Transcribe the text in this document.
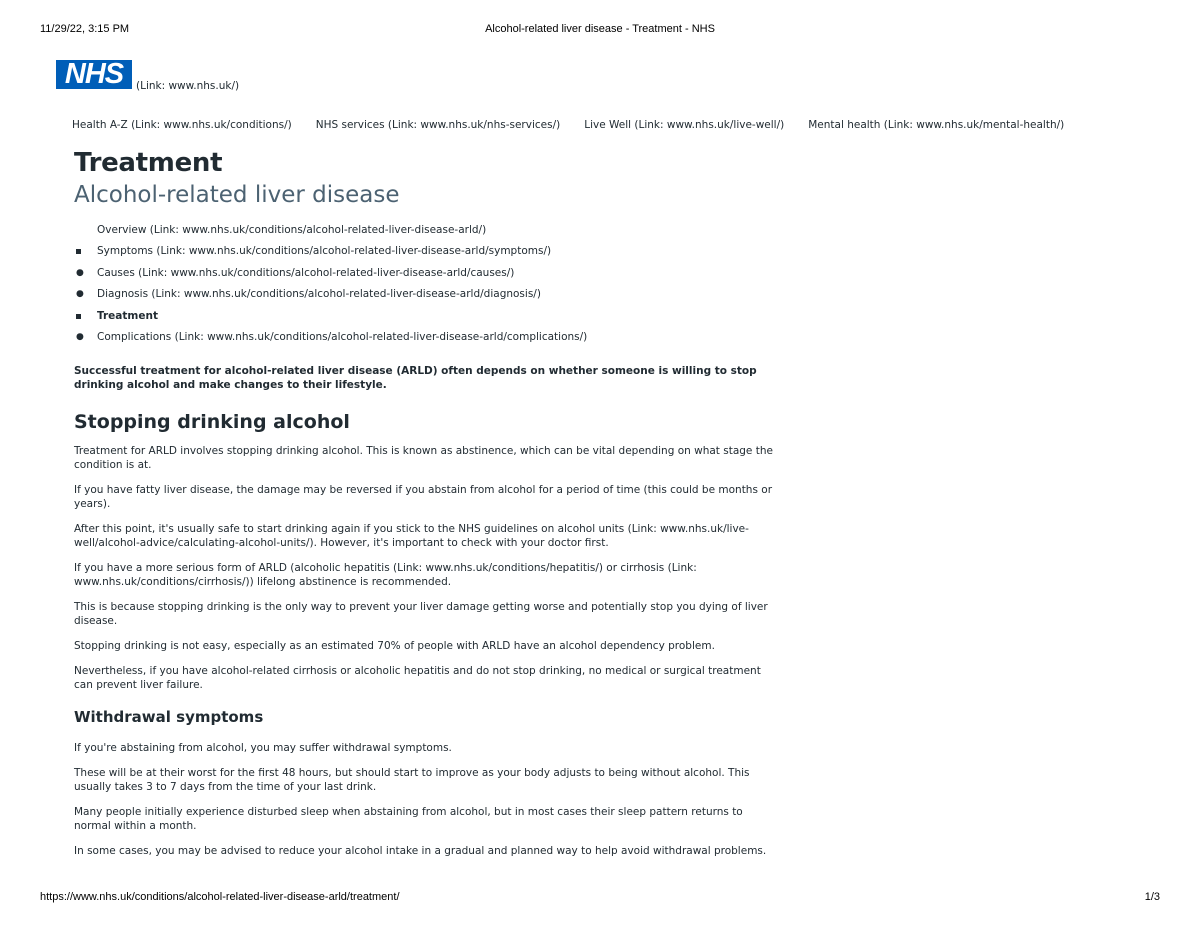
11/29/22, 3:15 PM	Alcohol-related liver disease - Treatment - NHS
NHS (Link: www.nhs.uk/)
Health A-Z (Link: www.nhs.uk/conditions/) NHS services (Link: www.nhs.uk/nhs-services/) Live Well (Link: www.nhs.uk/live-well/) Mental health (Link: www.nhs.uk/mental-health/)
Treatment
Alcohol-related liver disease
Overview (Link: www.nhs.uk/conditions/alcohol-related-liver-disease-arld/)
Symptoms (Link: www.nhs.uk/conditions/alcohol-related-liver-disease-arld/symptoms/)
● Causes (Link: www.nhs.uk/conditions/alcohol-related-liver-disease-arld/causes/)
● Diagnosis (Link: www.nhs.uk/conditions/alcohol-related-liver-disease-arld/diagnosis/)
Treatment
● Complications (Link: www.nhs.uk/conditions/alcohol-related-liver-disease-arld/complications/)

Successful treatment for alcohol-related liver disease (ARLD) often depends on whether someone is willing to stop drinking alcohol and make changes to their lifestyle.

Stopping drinking alcohol

Treatment for ARLD involves stopping drinking alcohol. This is known as abstinence, which can be vital depending on what stage the condition is at.

If you have fatty liver disease, the damage may be reversed if you abstain from alcohol for a period of time (this could be months or years).

After this point, it's usually safe to start drinking again if you stick to the NHS guidelines on alcohol units (Link: www.nhs.uk/live-well/alcohol-advice/calculating-alcohol-units/). However, it's important to check with your doctor first.

If you have a more serious form of ARLD (alcoholic hepatitis (Link: www.nhs.uk/conditions/hepatitis/) or cirrhosis (Link: www.nhs.uk/conditions/cirrhosis/)) lifelong abstinence is recommended.

This is because stopping drinking is the only way to prevent your liver damage getting worse and potentially stop you dying of liver disease.

Stopping drinking is not easy, especially as an estimated 70% of people with ARLD have an alcohol dependency problem.

Nevertheless, if you have alcohol-related cirrhosis or alcoholic hepatitis and do not stop drinking, no medical or surgical treatment can prevent liver failure.

Withdrawal symptoms

If you're abstaining from alcohol, you may suffer withdrawal symptoms.

These will be at their worst for the first 48 hours, but should start to improve as your body adjusts to being without alcohol. This usually takes 3 to 7 days from the time of your last drink.

Many people initially experience disturbed sleep when abstaining from alcohol, but in most cases their sleep pattern returns to normal within a month.

In some cases, you may be advised to reduce your alcohol intake in a gradual and planned way to help avoid withdrawal problems.

https://www.nhs.uk/conditions/alcohol-related-liver-disease-arld/treatment/	1/3
